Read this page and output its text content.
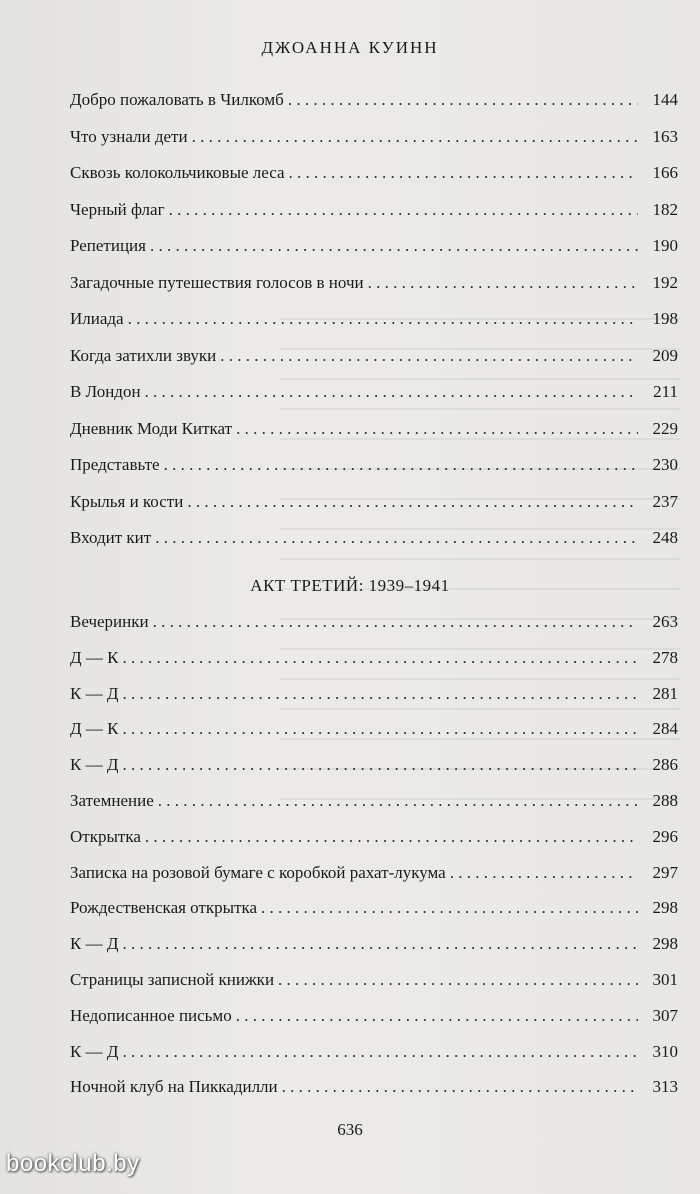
ДЖОАННА КУИНН
Добро пожаловать в Чилкомб . . .	144
Что узнали дети . . .	163
Сквозь колокольчиковые леса . . .	166
Черный флаг . . .	182
Репетиция . . .	190
Загадочные путешествия голосов в ночи . . .	192
Илиада . . .	198
Когда затихли звуки . . .	209
В Лондон . . .	211
Дневник Моди Киткат . . .	229
Представьте . . .	230
Крылья и кости . . .	237
Входит кит . . .	248
АКТ ТРЕТИЙ: 1939–1941
Вечеринки . . .	263
Д — К . . .	278
К — Д . . .	281
Д — К . . .	284
К — Д . . .	286
Затемнение . . .	288
Открытка . . .	296
Записка на розовой бумаге с коробкой рахат-лукума . . .	297
Рождественская открытка . . .	298
К — Д . . .	298
Страницы записной книжки . . .	301
Недописанное письмо . . .	307
К — Д . . .	310
Ночной клуб на Пиккадилли . . .	313
636
bookclub.by
